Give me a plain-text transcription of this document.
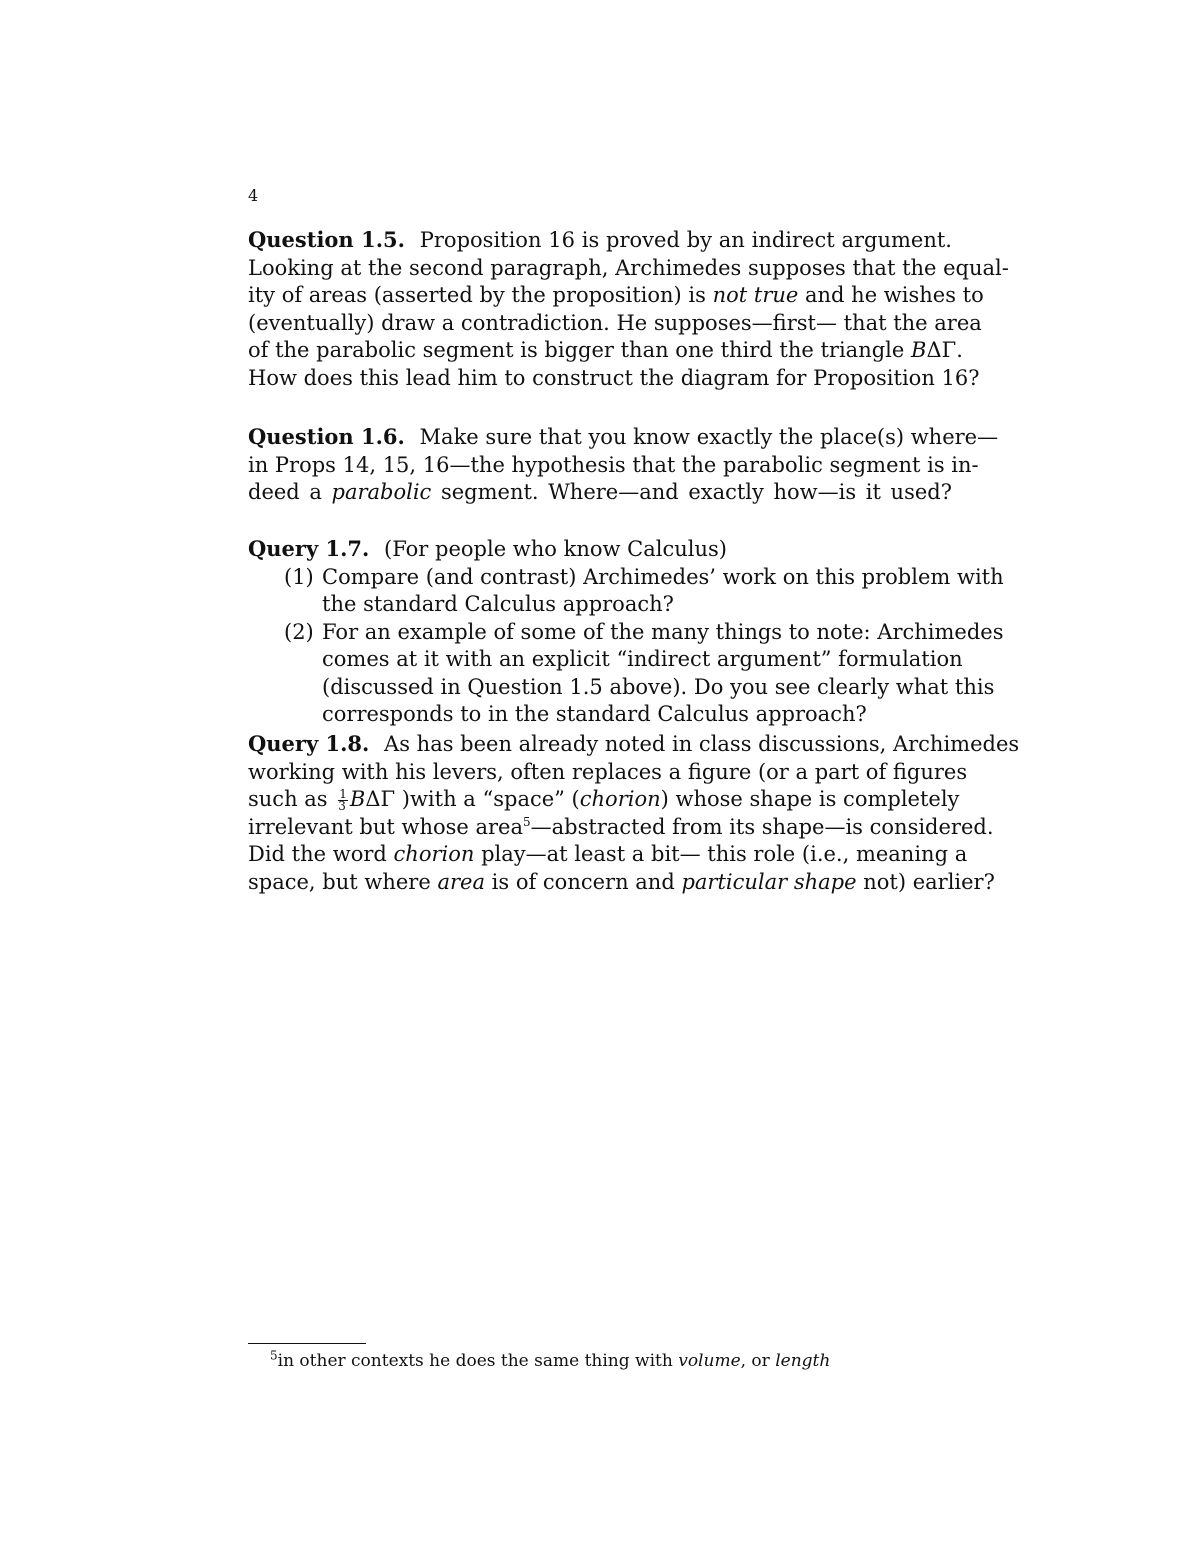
4
Question 1.5. Proposition 16 is proved by an indirect argument.
Looking at the second paragraph, Archimedes supposes that the equal-
ity of areas (asserted by the proposition) is not true and he wishes to
(eventually) draw a contradiction. He supposes—first— that the area
of the parabolic segment is bigger than one third the triangle BΔΓ.
How does this lead him to construct the diagram for Proposition 16?
Question 1.6. Make sure that you know exactly the place(s) where—
in Props 14, 15, 16—the hypothesis that the parabolic segment is in-
deed a parabolic segment. Where—and exactly how—is it used?
Query 1.7. (For people who know Calculus)
(1) Compare (and contrast) Archimedes’ work on this problem with
the standard Calculus approach?
(2) For an example of some of the many things to note: Archimedes
comes at it with an explicit “indirect argument” formulation
(discussed in Question 1.5 above). Do you see clearly what this
corresponds to in the standard Calculus approach?
Query 1.8. As has been already noted in class discussions, Archimedes
working with his levers, often replaces a figure (or a part of figures
such as $\frac{1}{3}$ BΔΓ )with a “space” (chorion) whose shape is completely
irrelevant but whose area$^5$—abstracted from its shape—is considered.
Did the word chorion play—at least a bit— this role (i.e., meaning a
space, but where area is of concern and particular shape not) earlier?
$^5$in other contexts he does the same thing with volume, or length
